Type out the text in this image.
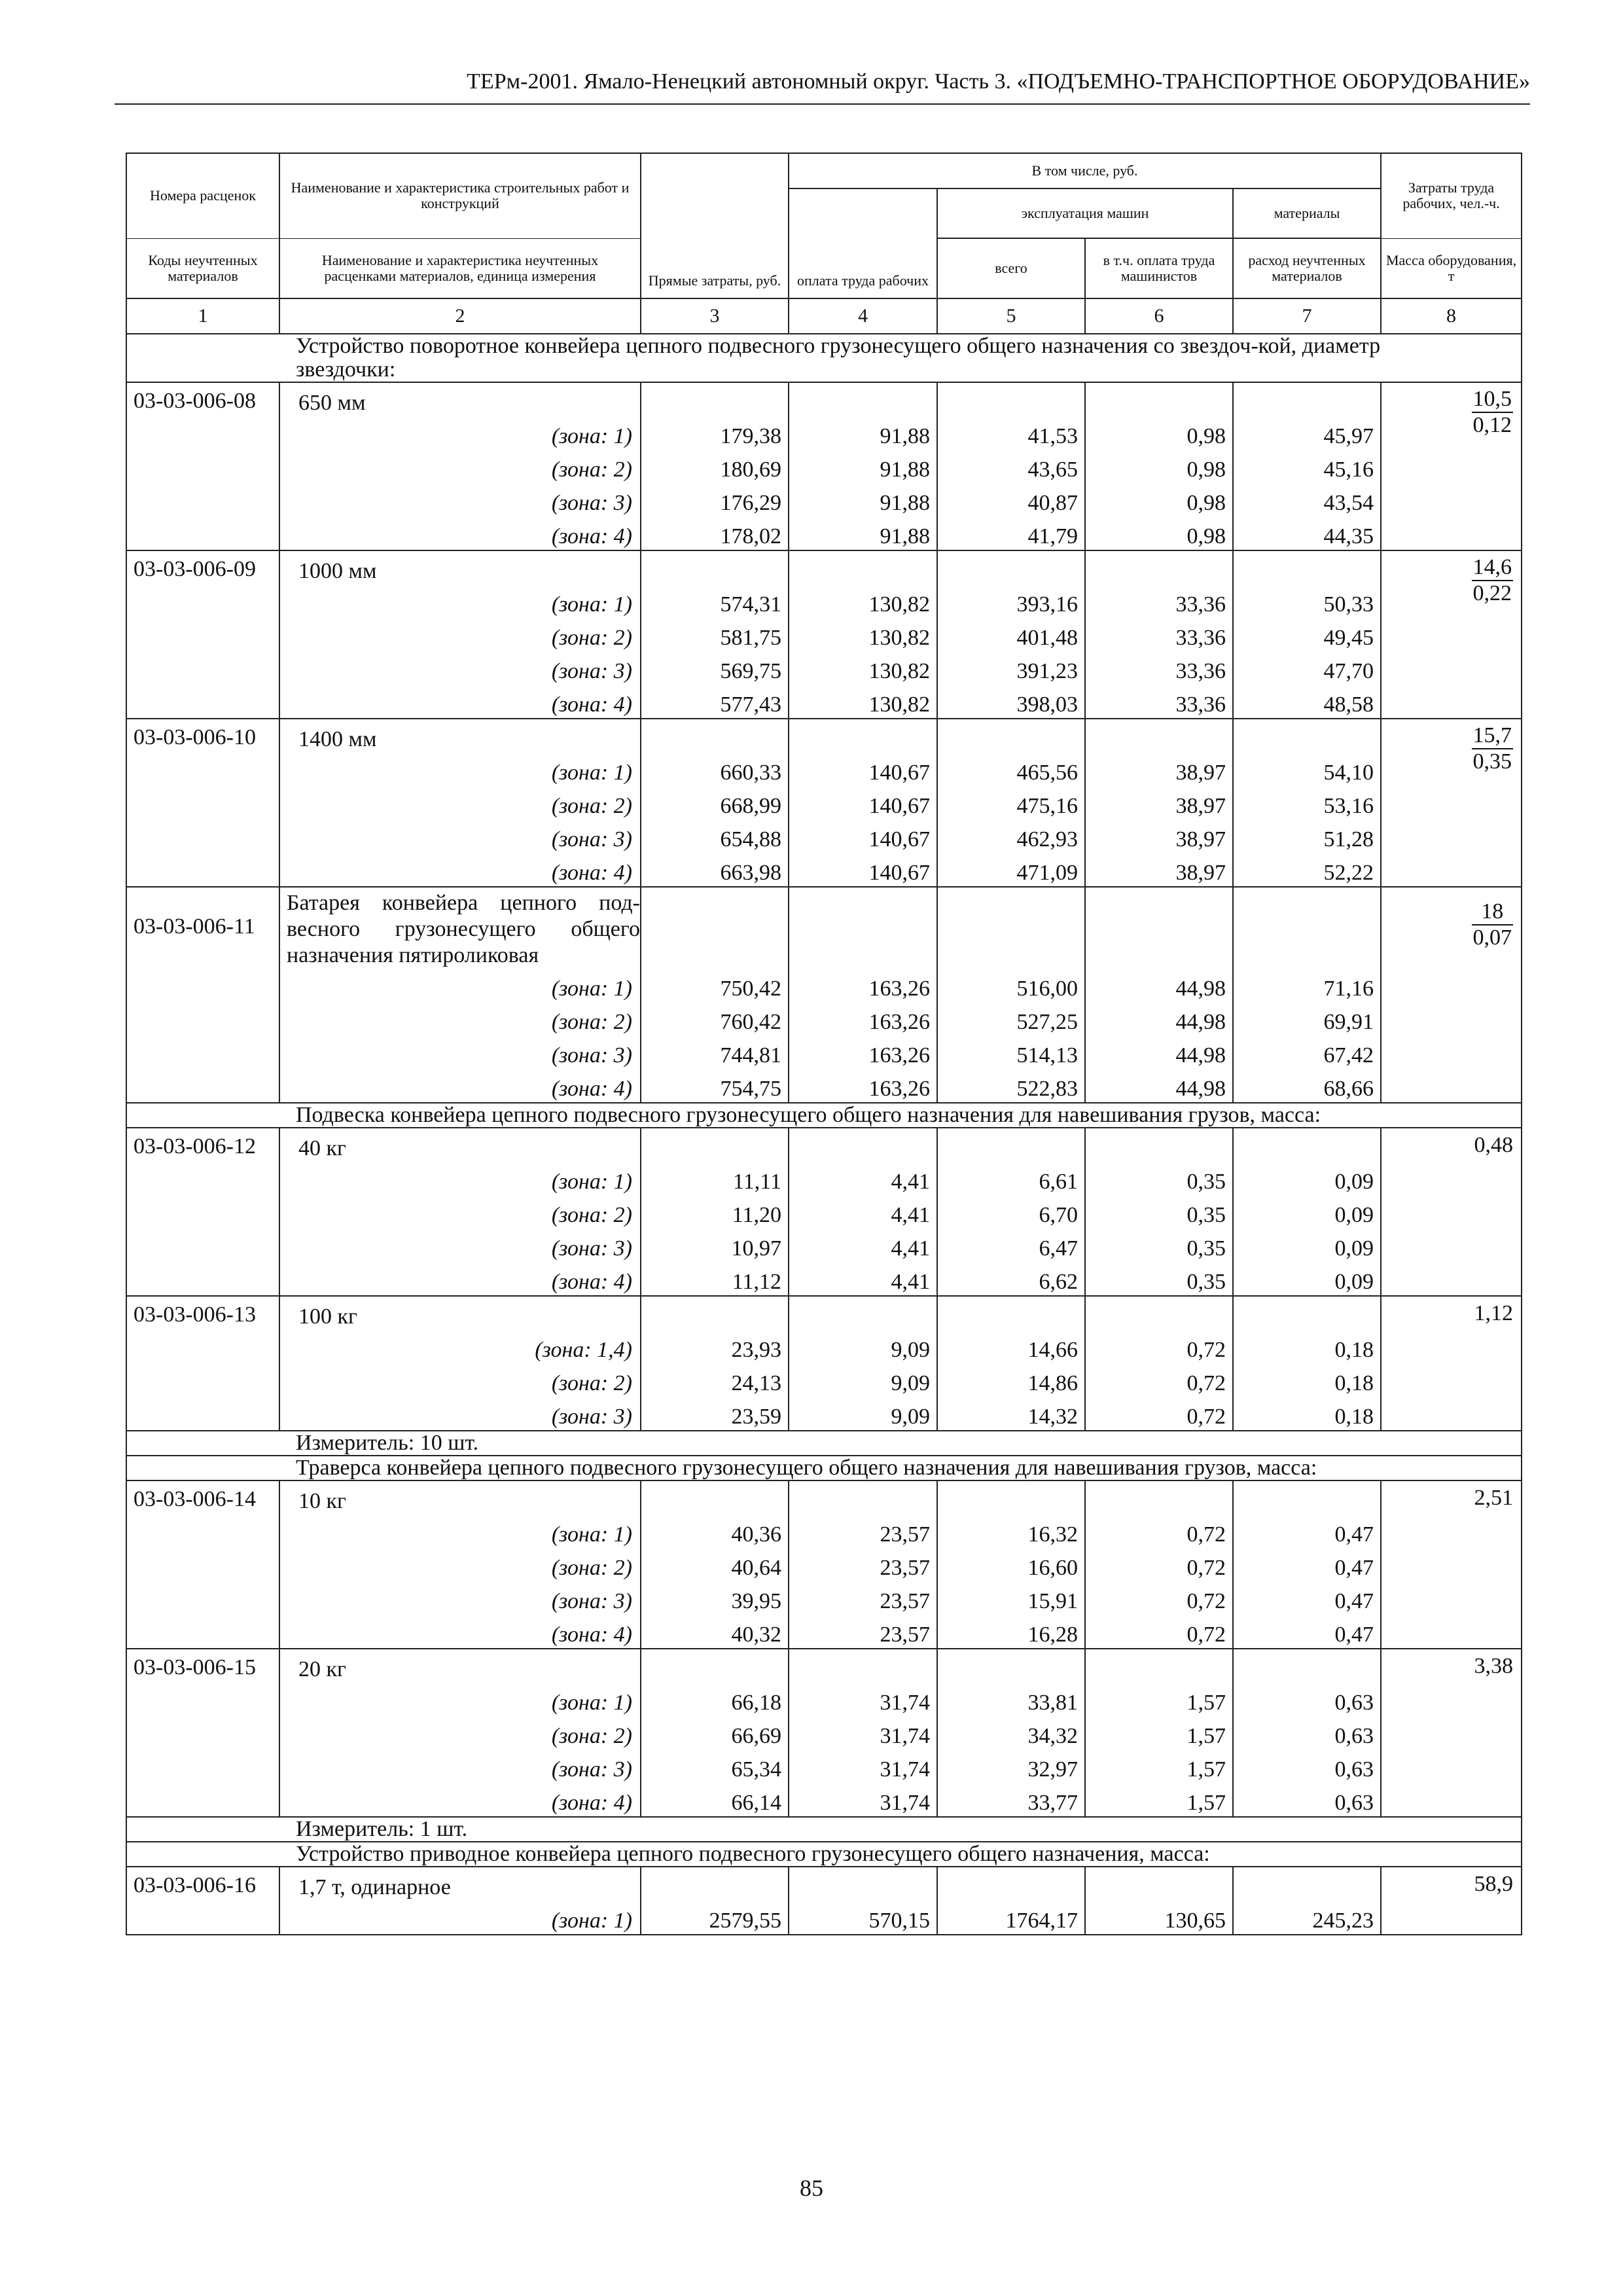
ТЕРм-2001. Ямало-Ненецкий автономный округ. Часть 3. «ПОДЪЕМНО-ТРАНСПОРТНОЕ ОБОРУДОВАНИЕ»
Номера расценок	Наименование и характеристика строительных работ и конструкций	Прямые затраты, руб.	В том числе, руб.				Затраты труда рабочих, чел.-ч.
			оплата труда рабочих	эксплуатация машин		материалы	
Коды неучтенных материалов	Наименование и характеристика неучтенных расценками материалов, единица измерения			всего	в т.ч. оплата труда машинистов	расход неучтенных материалов	Масса оборудования, т
1	2	3	4	5	6	7	8
Устройство поворотное конвейера цепного подвесного грузонесущего общего назначения со звездоч-кой, диаметр звездочки:							
03-03-006-08	650 мм						$\frac{10,5}{0,12}$

	(зона: 1)	179,38	91,88	41,53	0,98	45,97	
	(зона: 2)	180,69	91,88	43,65	0,98	45,16	
	(зона: 3)	176,29	91,88	40,87	0,98	43,54	
	(зона: 4)	178,02	91,88	41,79	0,98	44,35	
03-03-006-09	1000 мм						$\frac{14,6}{0,22}$

	(зона: 1)	574,31	130,82	393,16	33,36	50,33	
	(зона: 2)	581,75	130,82	401,48	33,36	49,45	
	(зона: 3)	569,75	130,82	391,23	33,36	47,70	
	(зона: 4)	577,43	130,82	398,03	33,36	48,58	
03-03-006-10	1400 мм						$\frac{15,7}{0,35}$

	(зона: 1)	660,33	140,67	465,56	38,97	54,10	
	(зона: 2)	668,99	140,67	475,16	38,97	53,16	
	(зона: 3)	654,88	140,67	462,93	38,97	51,28	
	(зона: 4)	663,98	140,67	471,09	38,97	52,22	
03-03-006-11	Батарея конвейера цепного под-весного грузонесущего общего назначения пятироликовая						$\frac{18}{0,07}$

	(зона: 1)	750,42	163,26	516,00	44,98	71,16	
	(зона: 2)	760,42	163,26	527,25	44,98	69,91	
	(зона: 3)	744,81	163,26	514,13	44,98	67,42	
	(зона: 4)	754,75	163,26	522,83	44,98	68,66	
Подвеска конвейера цепного подвесного грузонесущего общего назначения для навешивания грузов, масса:							
03-03-006-12	40 кг						0,48
	(зона: 1)	11,11	4,41	6,61	0,35	0,09	
	(зона: 2)	11,20	4,41	6,70	0,35	0,09	
	(зона: 3)	10,97	4,41	6,47	0,35	0,09	
	(зона: 4)	11,12	4,41	6,62	0,35	0,09	
03-03-006-13	100 кг						1,12
	(зона: 1,4)	23,93	9,09	14,66	0,72	0,18	
	(зона: 2)	24,13	9,09	14,86	0,72	0,18	
	(зона: 3)	23,59	9,09	14,32	0,72	0,18	
Измеритель: 10 шт.							
Траверса конвейера цепного подвесного грузонесущего общего назначения для навешивания грузов, масса:							
03-03-006-14	10 кг						2,51
	(зона: 1)	40,36	23,57	16,32	0,72	0,47	
	(зона: 2)	40,64	23,57	16,60	0,72	0,47	
	(зона: 3)	39,95	23,57	15,91	0,72	0,47	
	(зона: 4)	40,32	23,57	16,28	0,72	0,47	
03-03-006-15	20 кг						3,38
	(зона: 1)	66,18	31,74	33,81	1,57	0,63	
	(зона: 2)	66,69	31,74	34,32	1,57	0,63	
	(зона: 3)	65,34	31,74	32,97	1,57	0,63	
	(зона: 4)	66,14	31,74	33,77	1,57	0,63	
Измеритель: 1 шт.							
Устройство приводное конвейера цепного подвесного грузонесущего общего назначения, масса:							
03-03-006-16	1,7 т, одинарное						58,9
	(зона: 1)	2579,55	570,15	1764,17	130,65	245,23	
85
